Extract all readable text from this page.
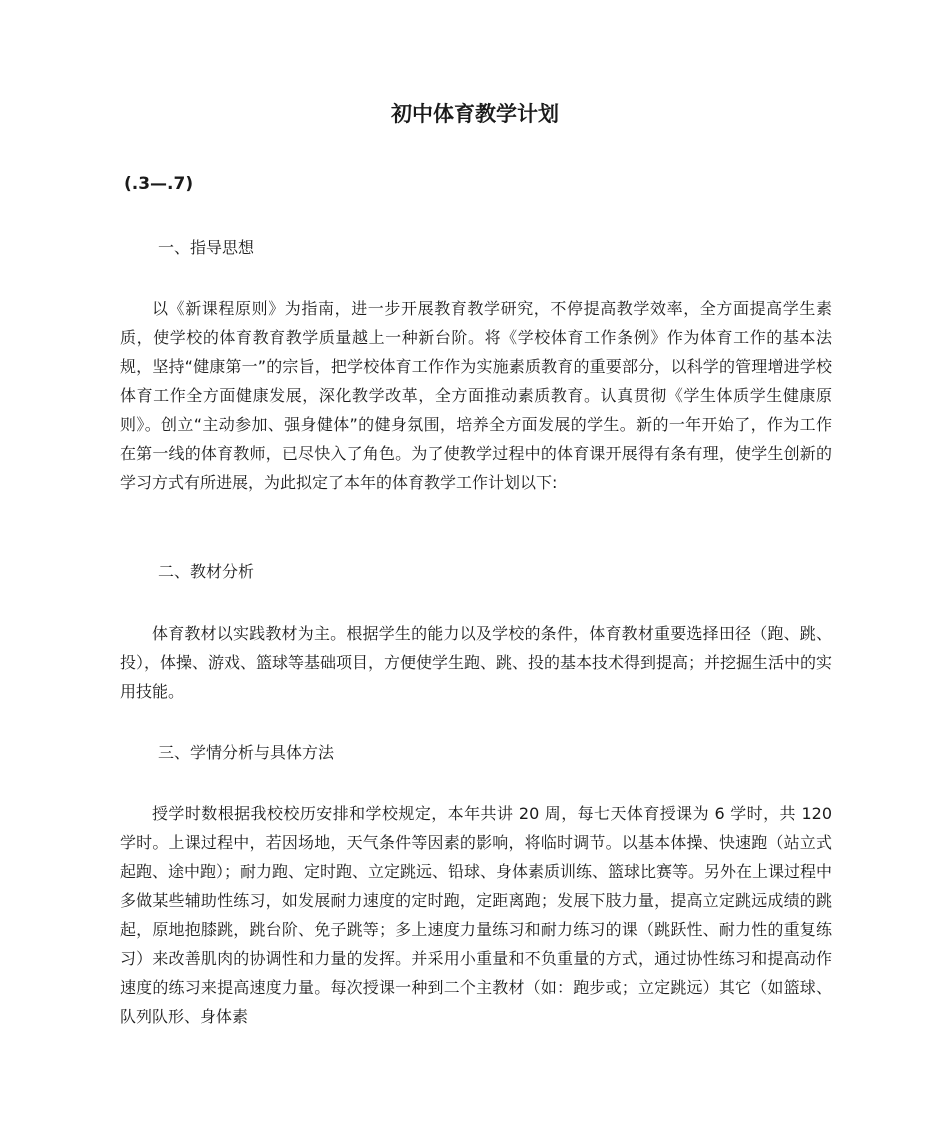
初中体育教学计划
(.3—.7)
一、指导思想

以《新课程原则》为指南，进一步开展教育教学研究，不停提高教学效率，全方面提高学生素质，使学校的体育教育教学质量越上一种新台阶。将《学校体育工作条例》作为体育工作的基本法规，坚持“健康第一”的宗旨，把学校体育工作作为实施素质教育的重要部分，以科学的管理增进学校体育工作全方面健康发展，深化教学改革，全方面推动素质教育。认真贯彻《学生体质学生健康原则》。创立“主动参加、强身健体”的健身氛围，培养全方面发展的学生。新的一年开始了，作为工作在第一线的体育教师，已尽快入了角色。为了使教学过程中的体育课开展得有条有理，使学生创新的学习方式有所进展，为此拟定了本年的体育教学工作计划以下:

二、教材分析

体育教材以实践教材为主。根据学生的能力以及学校的条件，体育教材重要选择田径（跑、跳、投），体操、游戏、篮球等基础项目，方便使学生跑、跳、投的基本技术得到提高；并挖掘生活中的实用技能。

三、学情分析与具体方法

授学时数根据我校校历安排和学校规定，本年共讲 20 周，每七天体育授课为 6 学时，共 120 学时。上课过程中，若因场地，天气条件等因素的影响，将临时调节。以基本体操、快速跑（站立式起跑、途中跑）；耐力跑、定时跑、立定跳远、铅球、身体素质训练、篮球比赛等。另外在上课过程中多做某些辅助性练习，如发展耐力速度的定时跑，定距离跑；发展下肢力量，提高立定跳远成绩的跳起，原地抱膝跳，跳台阶、免子跳等；多上速度力量练习和耐力练习的课（跳跃性、耐力性的重复练习）来改善肌肉的协调性和力量的发挥。并采用小重量和不负重量的方式，通过协性练习和提高动作速度的练习来提高速度力量。每次授课一种到二个主教材（如：跑步或；立定跳远）其它（如篮球、队列队形、身体素
